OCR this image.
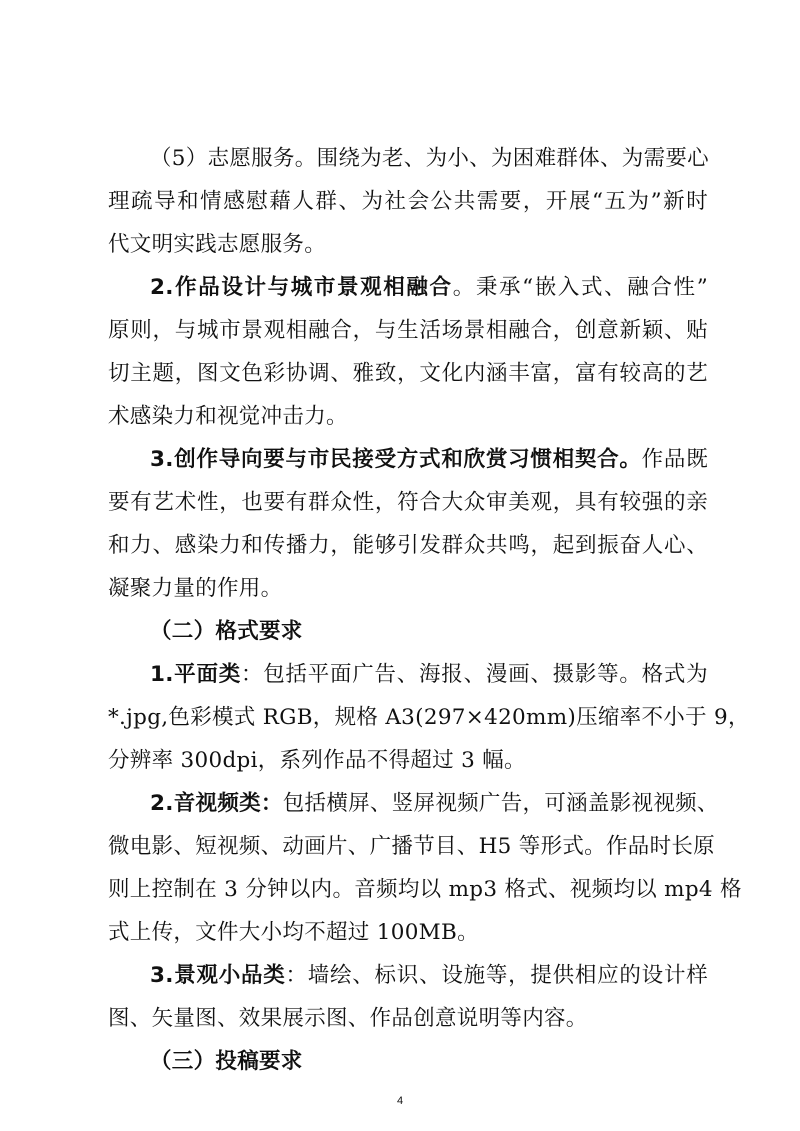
（5）志愿服务。围绕为老、为小、为困难群体、为需要心
理疏导和情感慰藉人群、为社会公共需要，开展“五为”新时
代文明实践志愿服务。
2.作品设计与城市景观相融合。秉承“嵌入式、融合性”
原则，与城市景观相融合，与生活场景相融合，创意新颖、贴
切主题，图文色彩协调、雅致，文化内涵丰富，富有较高的艺
术感染力和视觉冲击力。
3.创作导向要与市民接受方式和欣赏习惯相契合。作品既
要有艺术性，也要有群众性，符合大众审美观，具有较强的亲
和力、感染力和传播力，能够引发群众共鸣，起到振奋人心、
凝聚力量的作用。
（二）格式要求
1.平面类：包括平面广告、海报、漫画、摄影等。格式为
*.jpg,色彩模式 RGB，规格 A3(297×420mm)压缩率不小于 9，
分辨率 300dpi，系列作品不得超过 3 幅。
2.音视频类：包括横屏、竖屏视频广告，可涵盖影视视频、
微电影、短视频、动画片、广播节目、H5 等形式。作品时长原
则上控制在 3 分钟以内。音频均以 mp3 格式、视频均以 mp4 格
式上传，文件大小均不超过 100MB。
3.景观小品类：墙绘、标识、设施等，提供相应的设计样
图、矢量图、效果展示图、作品创意说明等内容。
（三）投稿要求
4
